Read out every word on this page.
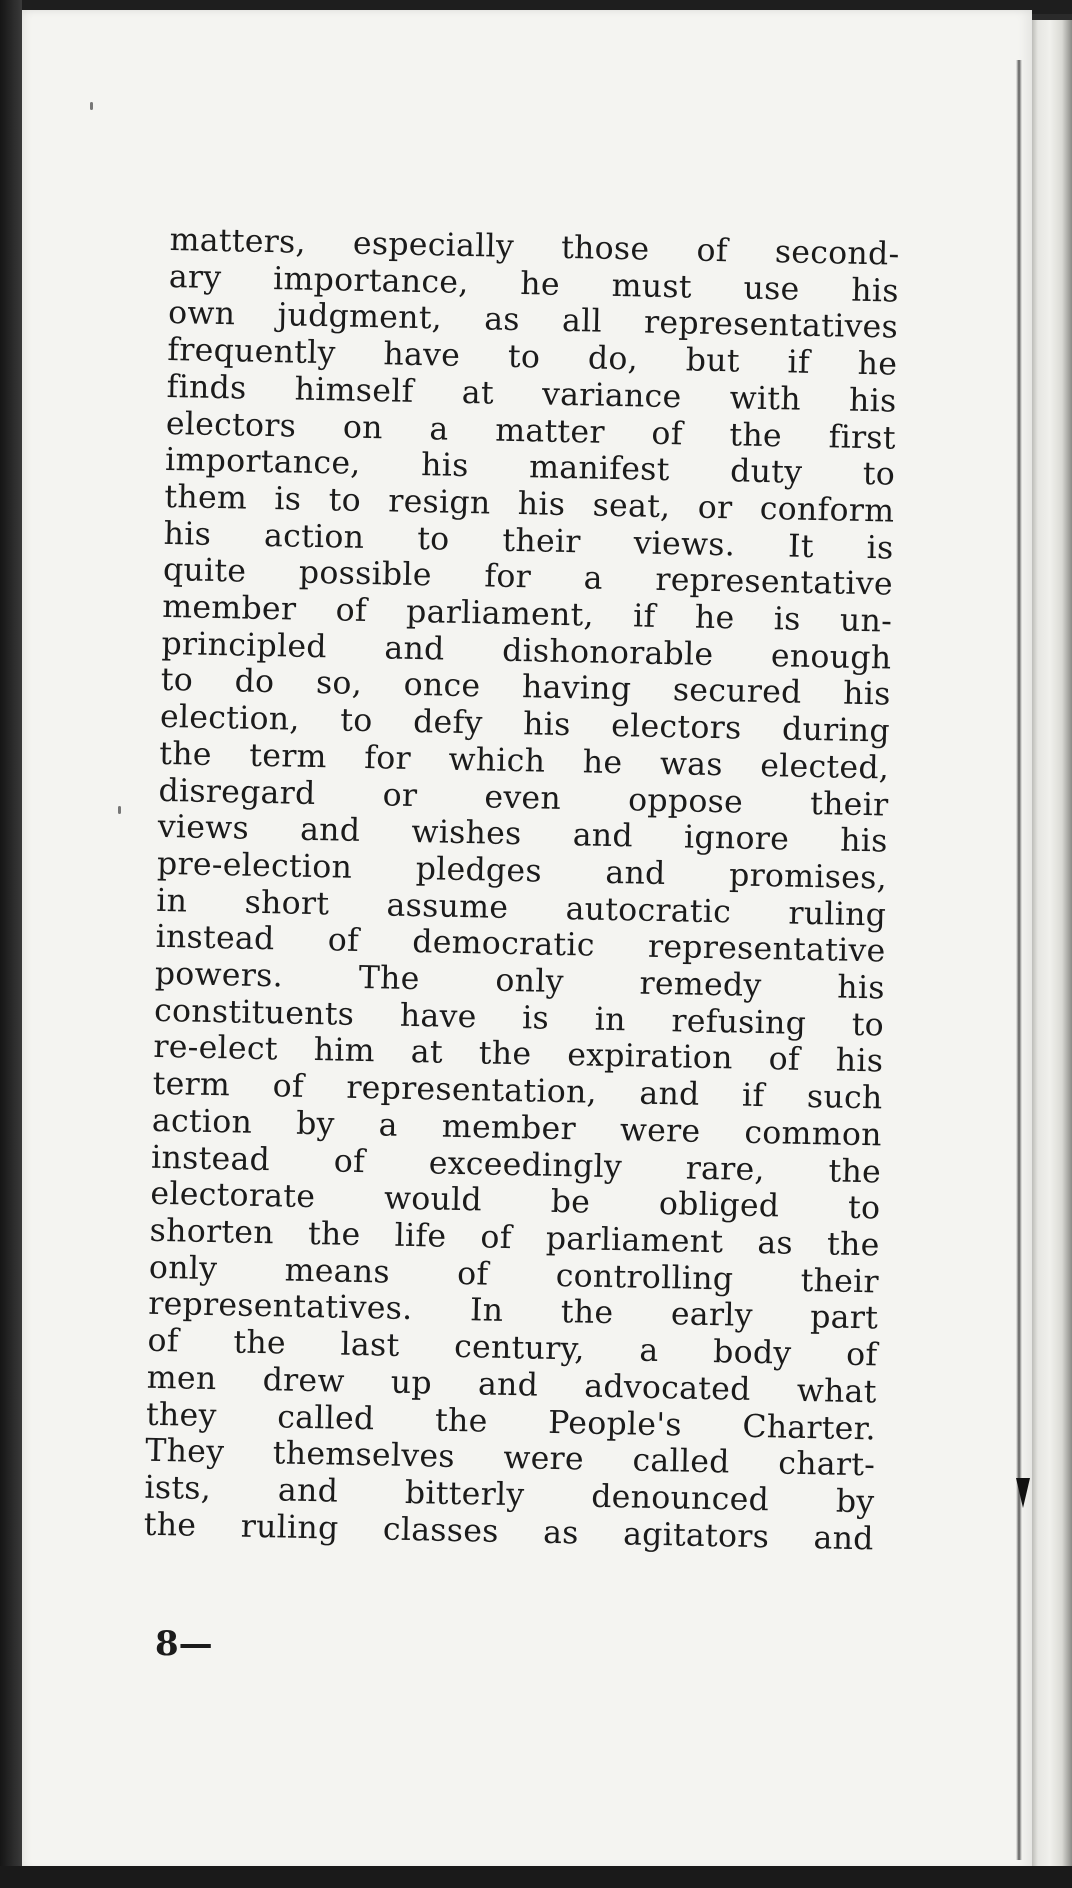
matters, especially those of second-
ary importance, he must use his
own judgment, as all representatives
frequently have to do, but if he
finds himself at variance with his
electors on a matter of the first
importance, his manifest duty to
them is to resign his seat, or conform
his action to their views. It is
quite possible for a representative
member of parliament, if he is un-
principled and dishonorable enough
to do so, once having secured his
election, to defy his electors during
the term for which he was elected,
disregard or even oppose their
views and wishes and ignore his
pre-election pledges and promises,
in short assume autocratic ruling
instead of democratic representative
powers. The only remedy his
constituents have is in refusing to
re-elect him at the expiration of his
term of representation, and if such
action by a member were common
instead of exceedingly rare, the
electorate would be obliged to
shorten the life of parliament as the
only means of controlling their
representatives. In the early part
of the last century, a body of
men drew up and advocated what
they called the People's Charter.
They themselves were called chart-
ists, and bitterly denounced by
the ruling classes as agitators and
8—
